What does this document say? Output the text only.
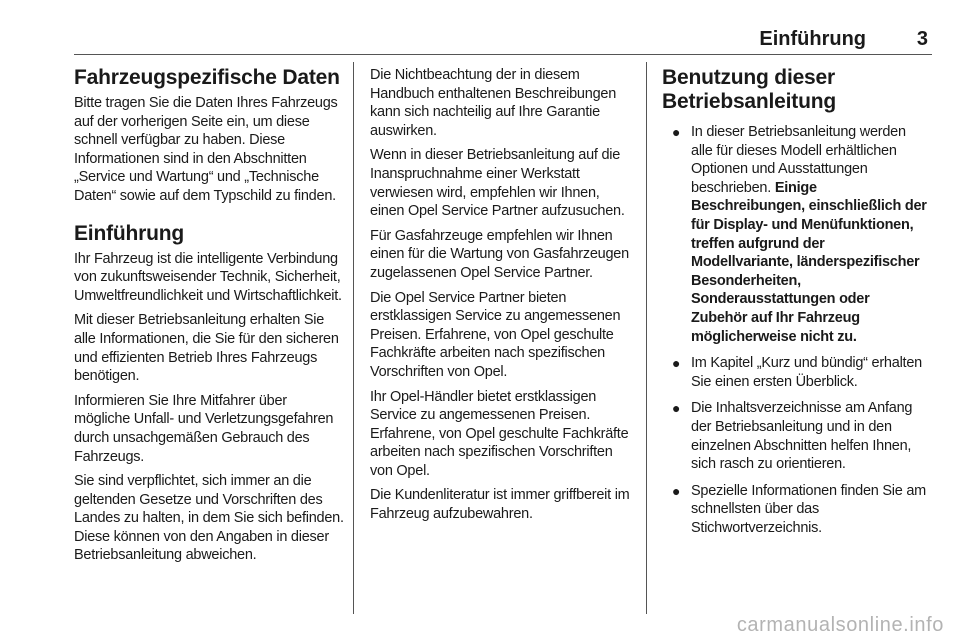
Einführung	3
Fahrzeugspezifische Daten

Bitte tragen Sie die Daten Ihres Fahrzeugs auf der vorherigen Seite ein, um diese schnell verfügbar zu haben. Diese Informationen sind in den Abschnitten „Service und Wartung“ und „Technische Daten“ sowie auf dem Typschild zu finden.

Einführung

Ihr Fahrzeug ist die intelligente Verbindung von zukunftsweisender Technik, Sicherheit, Umweltfreundlichkeit und Wirtschaftlichkeit.

Mit dieser Betriebsanleitung erhalten Sie alle Informationen, die Sie für den sicheren und effizienten Betrieb Ihres Fahrzeugs benötigen.

Informieren Sie Ihre Mitfahrer über mögliche Unfall- und Verletzungsgefahren durch unsachgemäßen Gebrauch des Fahrzeugs.

Sie sind verpflichtet, sich immer an die geltenden Gesetze und Vorschriften des Landes zu halten, in dem Sie sich befinden. Diese können von den Angaben in dieser Betriebsanleitung abweichen.

Die Nichtbeachtung der in diesem Handbuch enthaltenen Beschreibungen kann sich nachteilig auf Ihre Garantie auswirken.

Wenn in dieser Betriebsanleitung auf die Inanspruchnahme einer Werkstatt verwiesen wird, empfehlen wir Ihnen, einen Opel Service Partner aufzusuchen.

Für Gasfahrzeuge empfehlen wir Ihnen einen für die Wartung von Gasfahrzeugen zugelassenen Opel Service Partner.

Die Opel Service Partner bieten erstklassigen Service zu angemessenen Preisen. Erfahrene, von Opel geschulte Fachkräfte arbeiten nach spezifischen Vorschriften von Opel.

Ihr Opel-Händler bietet erstklassigen Service zu angemessenen Preisen. Erfahrene, von Opel geschulte Fachkräfte arbeiten nach spezifischen Vorschriften von Opel.

Die Kundenliteratur ist immer griffbereit im Fahrzeug aufzubewahren.

Benutzung dieser Betriebsanleitung
● In dieser Betriebsanleitung werden alle für dieses Modell erhältlichen Optionen und Ausstattungen beschrieben. Einige Beschreibungen, einschließlich der für Display- und Menüfunktionen, treffen aufgrund der Modellvariante, länderspezifischer Besonderheiten, Sonderausstattungen oder Zubehör auf Ihr Fahrzeug möglicherweise nicht zu.
● Im Kapitel „Kurz und bündig“ erhalten Sie einen ersten Überblick.
● Die Inhaltsverzeichnisse am Anfang der Betriebsanleitung und in den einzelnen Abschnitten helfen Ihnen, sich rasch zu orientieren.
● Spezielle Informationen finden Sie am schnellsten über das Stichwortverzeichnis.
carmanualsonline.info
